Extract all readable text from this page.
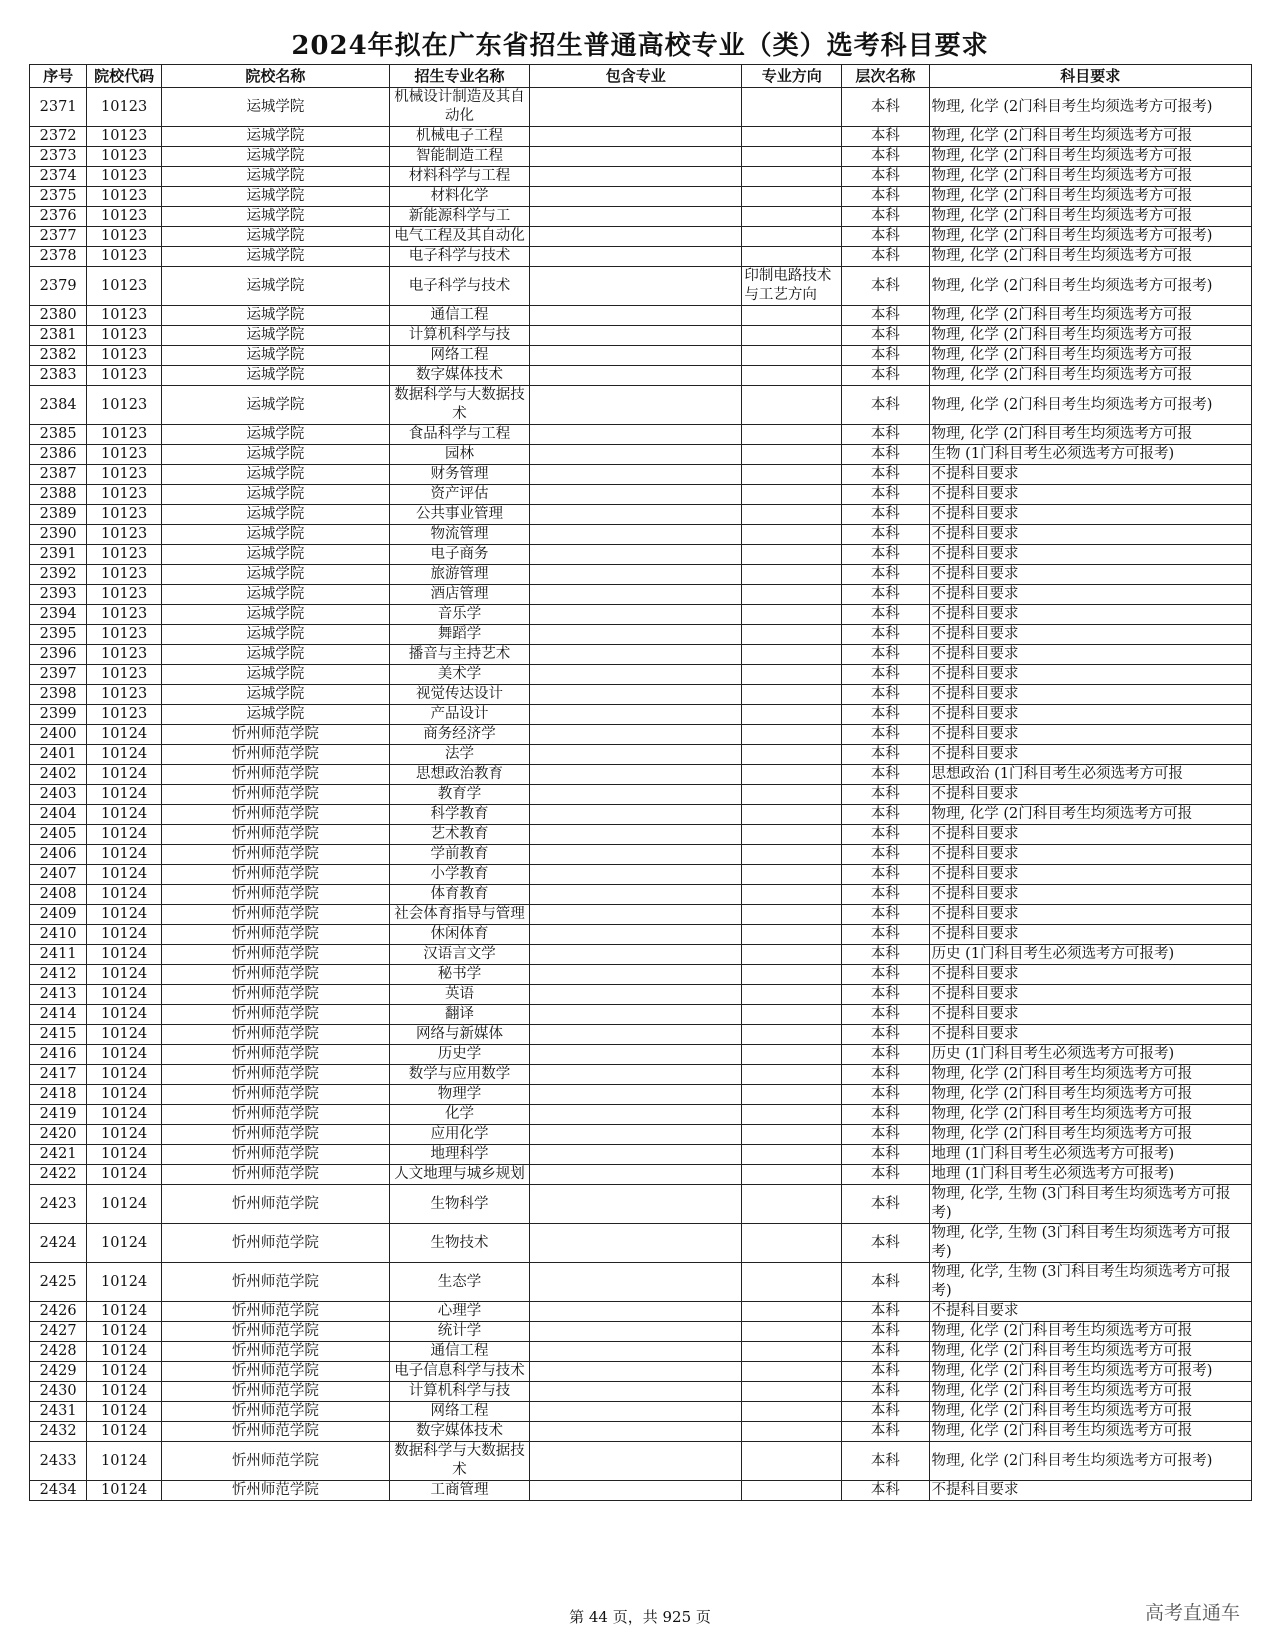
2024年拟在广东省招生普通高校专业（类）选考科目要求
序号	院校代码	院校名称	招生专业名称	包含专业	专业方向	层次名称	科目要求
2371	10123	运城学院	机械设计制造及其自动化			本科	物理, 化学 (2门科目考生均须选考方可报考)
2372	10123	运城学院	机械电子工程			本科	物理, 化学 (2门科目考生均须选考方可报
2373	10123	运城学院	智能制造工程			本科	物理, 化学 (2门科目考生均须选考方可报
2374	10123	运城学院	材料科学与工程			本科	物理, 化学 (2门科目考生均须选考方可报
2375	10123	运城学院	材料化学			本科	物理, 化学 (2门科目考生均须选考方可报
2376	10123	运城学院	新能源科学与工			本科	物理, 化学 (2门科目考生均须选考方可报
2377	10123	运城学院	电气工程及其自动化			本科	物理, 化学 (2门科目考生均须选考方可报考)
2378	10123	运城学院	电子科学与技术			本科	物理, 化学 (2门科目考生均须选考方可报
2379	10123	运城学院	电子科学与技术		印制电路技术与工艺方向	本科	物理, 化学 (2门科目考生均须选考方可报考)
2380	10123	运城学院	通信工程			本科	物理, 化学 (2门科目考生均须选考方可报
2381	10123	运城学院	计算机科学与技			本科	物理, 化学 (2门科目考生均须选考方可报
2382	10123	运城学院	网络工程			本科	物理, 化学 (2门科目考生均须选考方可报
2383	10123	运城学院	数字媒体技术			本科	物理, 化学 (2门科目考生均须选考方可报
2384	10123	运城学院	数据科学与大数据技术			本科	物理, 化学 (2门科目考生均须选考方可报考)
2385	10123	运城学院	食品科学与工程			本科	物理, 化学 (2门科目考生均须选考方可报
2386	10123	运城学院	园林			本科	生物 (1门科目考生必须选考方可报考)
2387	10123	运城学院	财务管理			本科	不提科目要求
2388	10123	运城学院	资产评估			本科	不提科目要求
2389	10123	运城学院	公共事业管理			本科	不提科目要求
2390	10123	运城学院	物流管理			本科	不提科目要求
2391	10123	运城学院	电子商务			本科	不提科目要求
2392	10123	运城学院	旅游管理			本科	不提科目要求
2393	10123	运城学院	酒店管理			本科	不提科目要求
2394	10123	运城学院	音乐学			本科	不提科目要求
2395	10123	运城学院	舞蹈学			本科	不提科目要求
2396	10123	运城学院	播音与主持艺术			本科	不提科目要求
2397	10123	运城学院	美术学			本科	不提科目要求
2398	10123	运城学院	视觉传达设计			本科	不提科目要求
2399	10123	运城学院	产品设计			本科	不提科目要求
2400	10124	忻州师范学院	商务经济学			本科	不提科目要求
2401	10124	忻州师范学院	法学			本科	不提科目要求
2402	10124	忻州师范学院	思想政治教育			本科	思想政治 (1门科目考生必须选考方可报
2403	10124	忻州师范学院	教育学			本科	不提科目要求
2404	10124	忻州师范学院	科学教育			本科	物理, 化学 (2门科目考生均须选考方可报
2405	10124	忻州师范学院	艺术教育			本科	不提科目要求
2406	10124	忻州师范学院	学前教育			本科	不提科目要求
2407	10124	忻州师范学院	小学教育			本科	不提科目要求
2408	10124	忻州师范学院	体育教育			本科	不提科目要求
2409	10124	忻州师范学院	社会体育指导与管理			本科	不提科目要求
2410	10124	忻州师范学院	休闲体育			本科	不提科目要求
2411	10124	忻州师范学院	汉语言文学			本科	历史 (1门科目考生必须选考方可报考)
2412	10124	忻州师范学院	秘书学			本科	不提科目要求
2413	10124	忻州师范学院	英语			本科	不提科目要求
2414	10124	忻州师范学院	翻译			本科	不提科目要求
2415	10124	忻州师范学院	网络与新媒体			本科	不提科目要求
2416	10124	忻州师范学院	历史学			本科	历史 (1门科目考生必须选考方可报考)
2417	10124	忻州师范学院	数学与应用数学			本科	物理, 化学 (2门科目考生均须选考方可报
2418	10124	忻州师范学院	物理学			本科	物理, 化学 (2门科目考生均须选考方可报
2419	10124	忻州师范学院	化学			本科	物理, 化学 (2门科目考生均须选考方可报
2420	10124	忻州师范学院	应用化学			本科	物理, 化学 (2门科目考生均须选考方可报
2421	10124	忻州师范学院	地理科学			本科	地理 (1门科目考生必须选考方可报考)
2422	10124	忻州师范学院	人文地理与城乡规划			本科	地理 (1门科目考生必须选考方可报考)
2423	10124	忻州师范学院	生物科学			本科	物理, 化学, 生物 (3门科目考生均须选考方可报考)
2424	10124	忻州师范学院	生物技术			本科	物理, 化学, 生物 (3门科目考生均须选考方可报考)
2425	10124	忻州师范学院	生态学			本科	物理, 化学, 生物 (3门科目考生均须选考方可报考)
2426	10124	忻州师范学院	心理学			本科	不提科目要求
2427	10124	忻州师范学院	统计学			本科	物理, 化学 (2门科目考生均须选考方可报
2428	10124	忻州师范学院	通信工程			本科	物理, 化学 (2门科目考生均须选考方可报
2429	10124	忻州师范学院	电子信息科学与技术			本科	物理, 化学 (2门科目考生均须选考方可报考)
2430	10124	忻州师范学院	计算机科学与技			本科	物理, 化学 (2门科目考生均须选考方可报
2431	10124	忻州师范学院	网络工程			本科	物理, 化学 (2门科目考生均须选考方可报
2432	10124	忻州师范学院	数字媒体技术			本科	物理, 化学 (2门科目考生均须选考方可报
2433	10124	忻州师范学院	数据科学与大数据技术			本科	物理, 化学 (2门科目考生均须选考方可报考)
2434	10124	忻州师范学院	工商管理			本科	不提科目要求
第 44 页，共 925 页	高考直通车
